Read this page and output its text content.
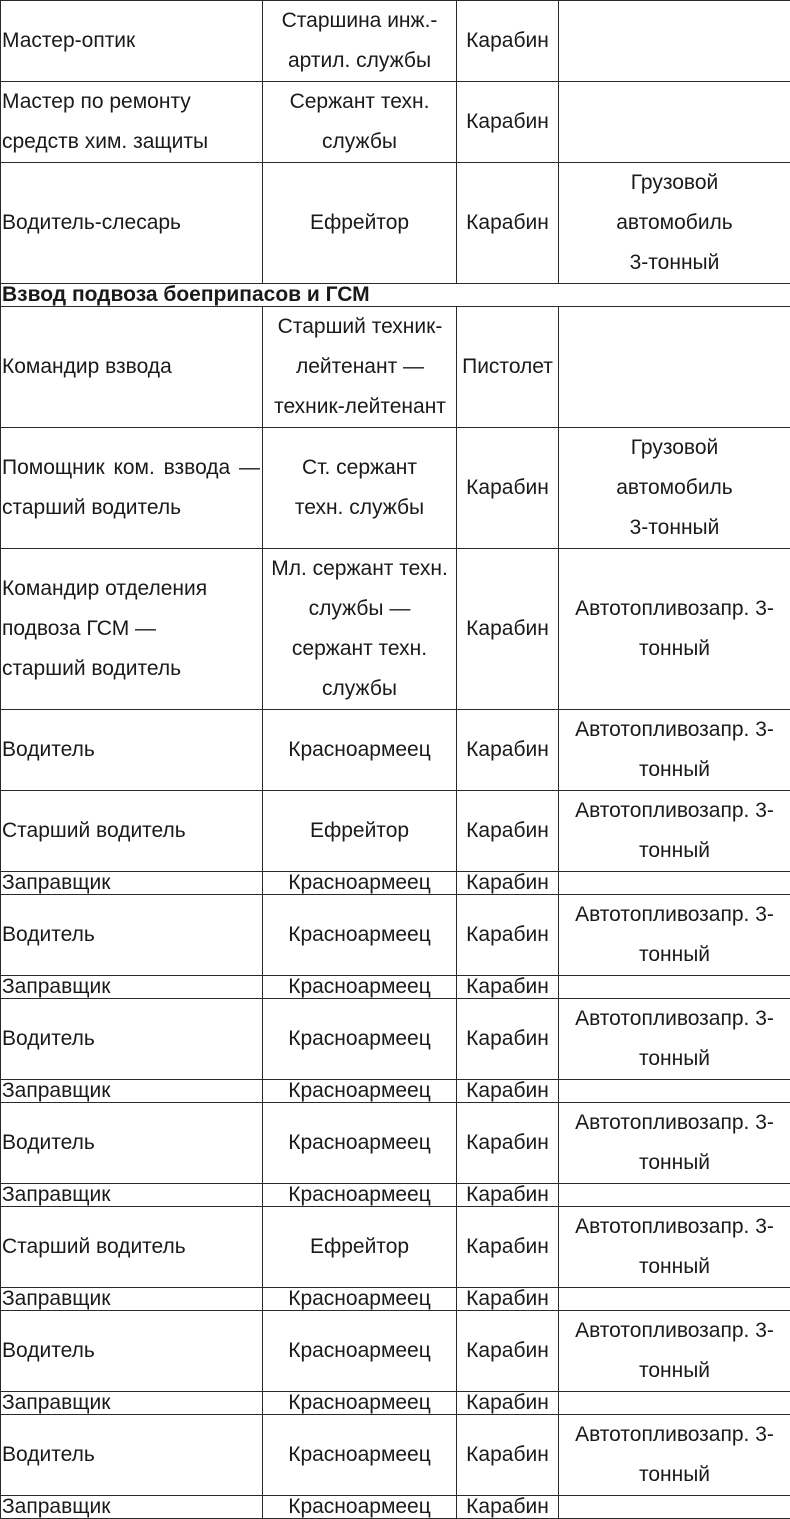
Мастер-оптик	Старшина инж.-артил. службы	Карабин	

Мастер по ремонту средств хим. защиты	Сержант техн. службы	Карабин	
Водитель-слесарь	Ефрейтор	Карабин	Грузовой автомобиль 3-тонный

Взвод подвоза боеприпасов и ГСМ			
Командир взвода	Старший техник-лейтенант — техник-лейтенант	Пистолет	

Помощник ком. взвода — старший водитель	Ст. сержант техн. службы	Карабин	Грузовой автомобиль 3-тонный

Командир отделения подвоза ГСМ — старший водитель	Мл. сержант техн. службы — сержант техн. службы	Карабин	Автотопливозапр. 3-тонный

Водитель	Красноармеец	Карабин	Автотопливозапр. 3-тонный

Старший водитель	Ефрейтор	Карабин	Автотопливозапр. 3-тонный

Заправщик	Красноармеец	Карабин	
Водитель	Красноармеец	Карабин	Автотопливозапр. 3-тонный

Заправщик	Красноармеец	Карабин	
Водитель	Красноармеец	Карабин	Автотопливозапр. 3-тонный

Заправщик	Красноармеец	Карабин	
Водитель	Красноармеец	Карабин	Автотопливозапр. 3-тонный

Заправщик	Красноармеец	Карабин	
Старший водитель	Ефрейтор	Карабин	Автотопливозапр. 3-тонный

Заправщик	Красноармеец	Карабин	
Водитель	Красноармеец	Карабин	Автотопливозапр. 3-тонный

Заправщик	Красноармеец	Карабин	
Водитель	Красноармеец	Карабин	Автотопливозапр. 3-тонный

Заправщик	Красноармеец	Карабин	
